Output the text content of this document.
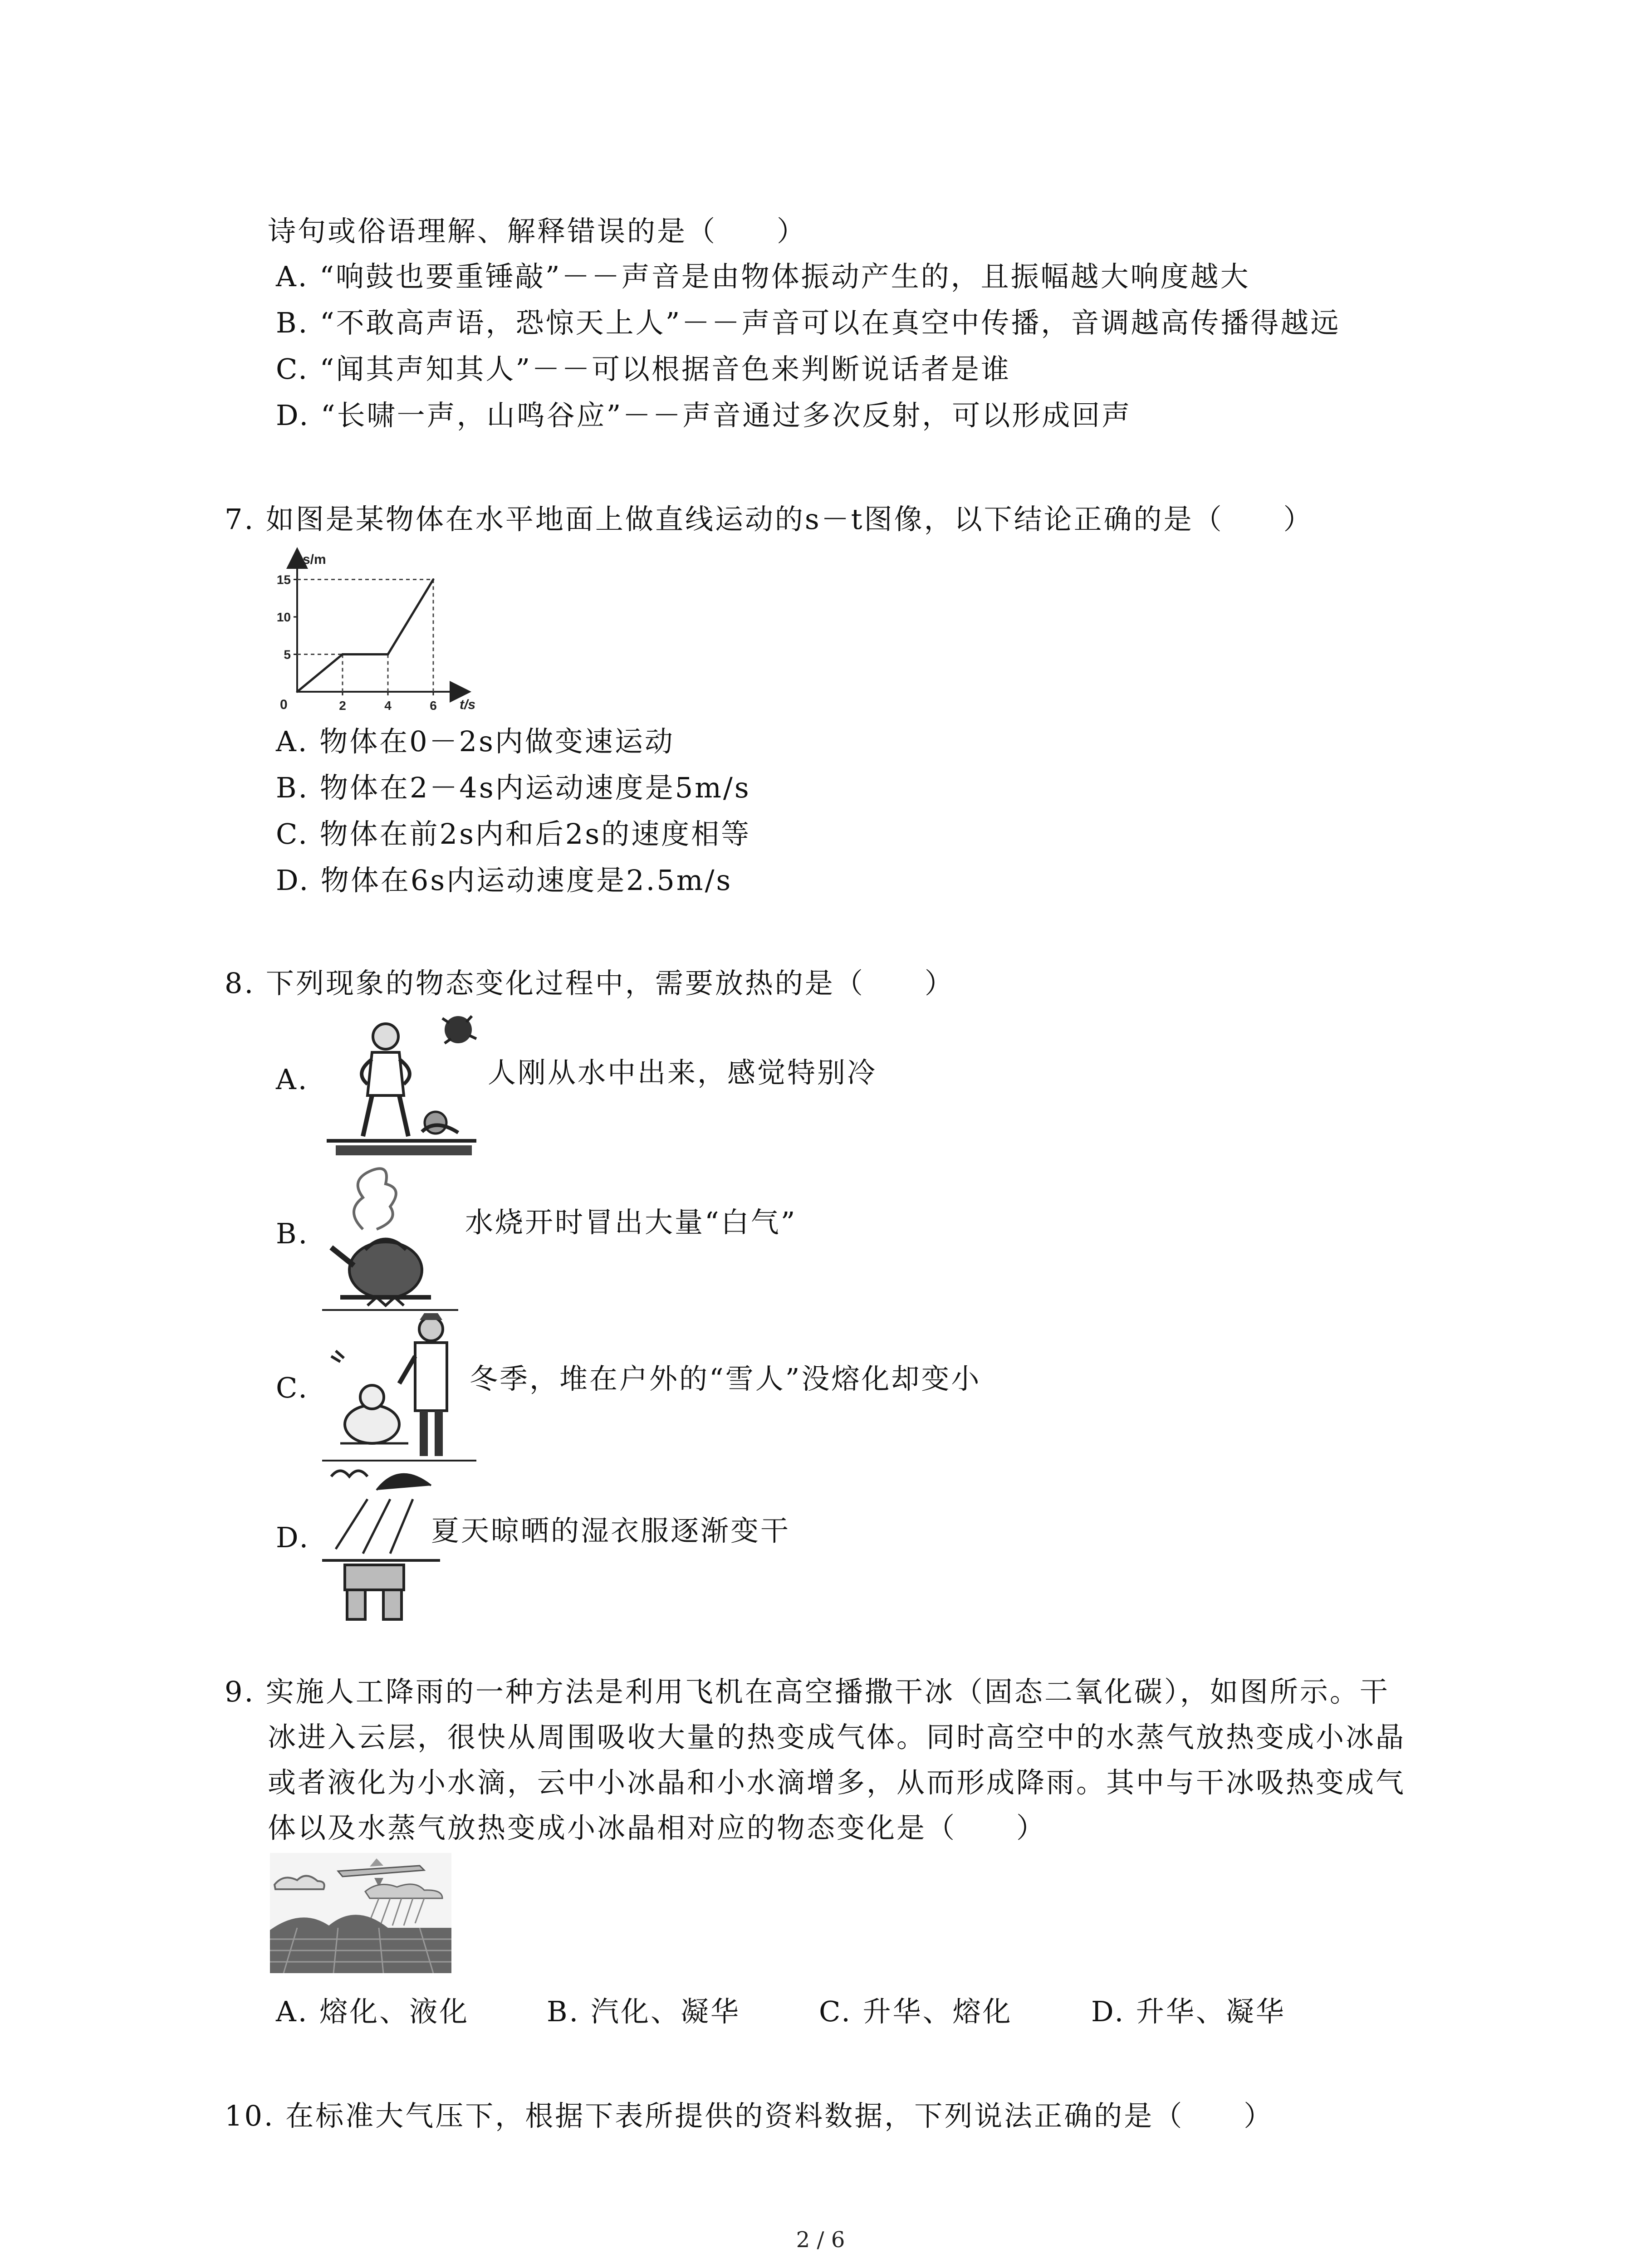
诗句或俗语理解、解释错误的是（　　）
A. “响鼓也要重锤敲”－－声音是由物体振动产生的，且振幅越大响度越大
B. “不敢高声语，恐惊天上人”－－声音可以在真空中传播，音调越高传播得越远
C. “闻其声知其人”－－可以根据音色来判断说话者是谁
D. “长啸一声，山鸣谷应”－－声音通过多次反射，可以形成回声
7. 如图是某物体在水平地面上做直线运动的s－t图像，以下结论正确的是（　　）
s/m
t/s
0
5
10
15
2	4	6
A. 物体在0－2s内做变速运动
B. 物体在2－4s内运动速度是5m/s
C. 物体在前2s内和后2s的速度相等
D. 物体在6s内运动速度是2.5m/s
8. 下列现象的物态变化过程中，需要放热的是（　　）
A.	人刚从水中出来，感觉特别冷
B.	水烧开时冒出大量“白气”
C.	冬季，堆在户外的“雪人”没熔化却变小
D.	夏天晾晒的湿衣服逐渐变干
9. 实施人工降雨的一种方法是利用飞机在高空播撒干冰（固态二氧化碳），如图所示。干
冰进入云层，很快从周围吸收大量的热变成气体。同时高空中的水蒸气放热变成小冰晶
或者液化为小水滴，云中小冰晶和小水滴增多，从而形成降雨。其中与干冰吸热变成气
体以及水蒸气放热变成小冰晶相对应的物态变化是（　　）
A. 熔化、液化	B. 汽化、凝华	C. 升华、熔化	D. 升华、凝华
10. 在标准大气压下，根据下表所提供的资料数据，下列说法正确的是（　　）
2 / 6
